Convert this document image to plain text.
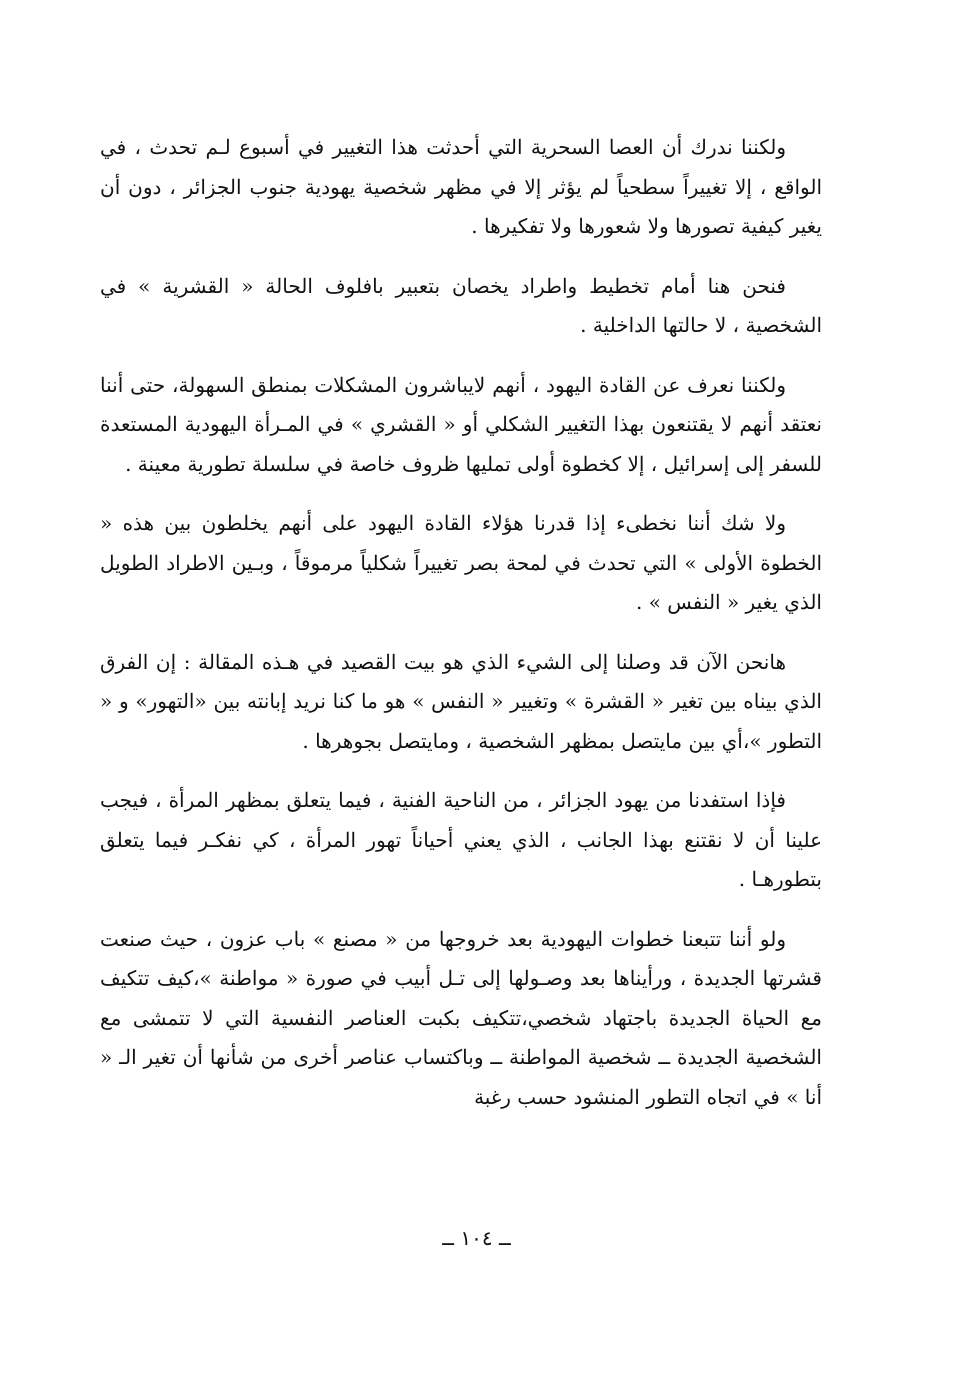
ولكننا ندرك أن العصا السحرية التي أحدثت هذا التغيير في أسبوع لـم تحدث ، في الواقع ، إلا تغييراً سطحياً لم يؤثر إلا في مظهر شخصية يهودية جنوب الجزائر ، دون أن يغير كيفية تصورها ولا شعورها ولا تفكيرها .

فنحن هنا أمام تخطيط واطراد يخصان بتعبير بافلوف الحالة « القشرية » في الشخصية ، لا حالتها الداخلية .

ولكننا نعرف عن القادة اليهود ، أنهم لايباشرون المشكلات بمنطق السهولة، حتى أننا نعتقد أنهم لا يقتنعون بهذا التغيير الشكلي أو « القشري » في المـرأة اليهودية المستعدة للسفر إلى إسرائيل ، إلا كخطوة أولى تمليها ظروف خاصة في سلسلة تطورية معينة .

ولا شك أننا نخطىء إذا قدرنا هؤلاء القادة اليهود على أنهم يخلطون بين هذه « الخطوة الأولى » التي تحدث في لمحة بصر تغييراً شكلياً مرموقاً ، وبـين الاطراد الطويل الذي يغير « النفس » .

هانحن الآن قد وصلنا إلى الشيء الذي هو بيت القصيد في هـذه المقالة : إن الفرق الذي بيناه بين تغير « القشرة » وتغيير « النفس » هو ما كنا نريد إبانته بين «التهور» و « التطور »،أي بين مايتصل بمظهر الشخصية ، ومايتصل بجوهرها .

فإذا استفدنا من يهود الجزائر ، من الناحية الفنية ، فيما يتعلق بمظهر المرأة ، فيجب علينا أن لا نقتنع بهذا الجانب ، الذي يعني أحياناً تهور المرأة ، كي نفكـر فيما يتعلق بتطورهـا .

ولو أننا تتبعنا خطوات اليهودية بعد خروجها من « مصنع » باب عزون ، حيث صنعت قشرتها الجديدة ، ورأيناها بعد وصـولها إلى تـل أبيب في صورة « مواطنة »،كيف تتكيف مع الحياة الجديدة باجتهاد شخصي،تتكيف بكبت العناصر النفسية التي لا تتمشى مع الشخصية الجديدة ــ شخصية المواطنة ــ وباكتساب عناصر أخرى من شأنها أن تغير الـ « أنا » في اتجاه التطور المنشود حسب رغبة

ــ ١٠٤ ــ
